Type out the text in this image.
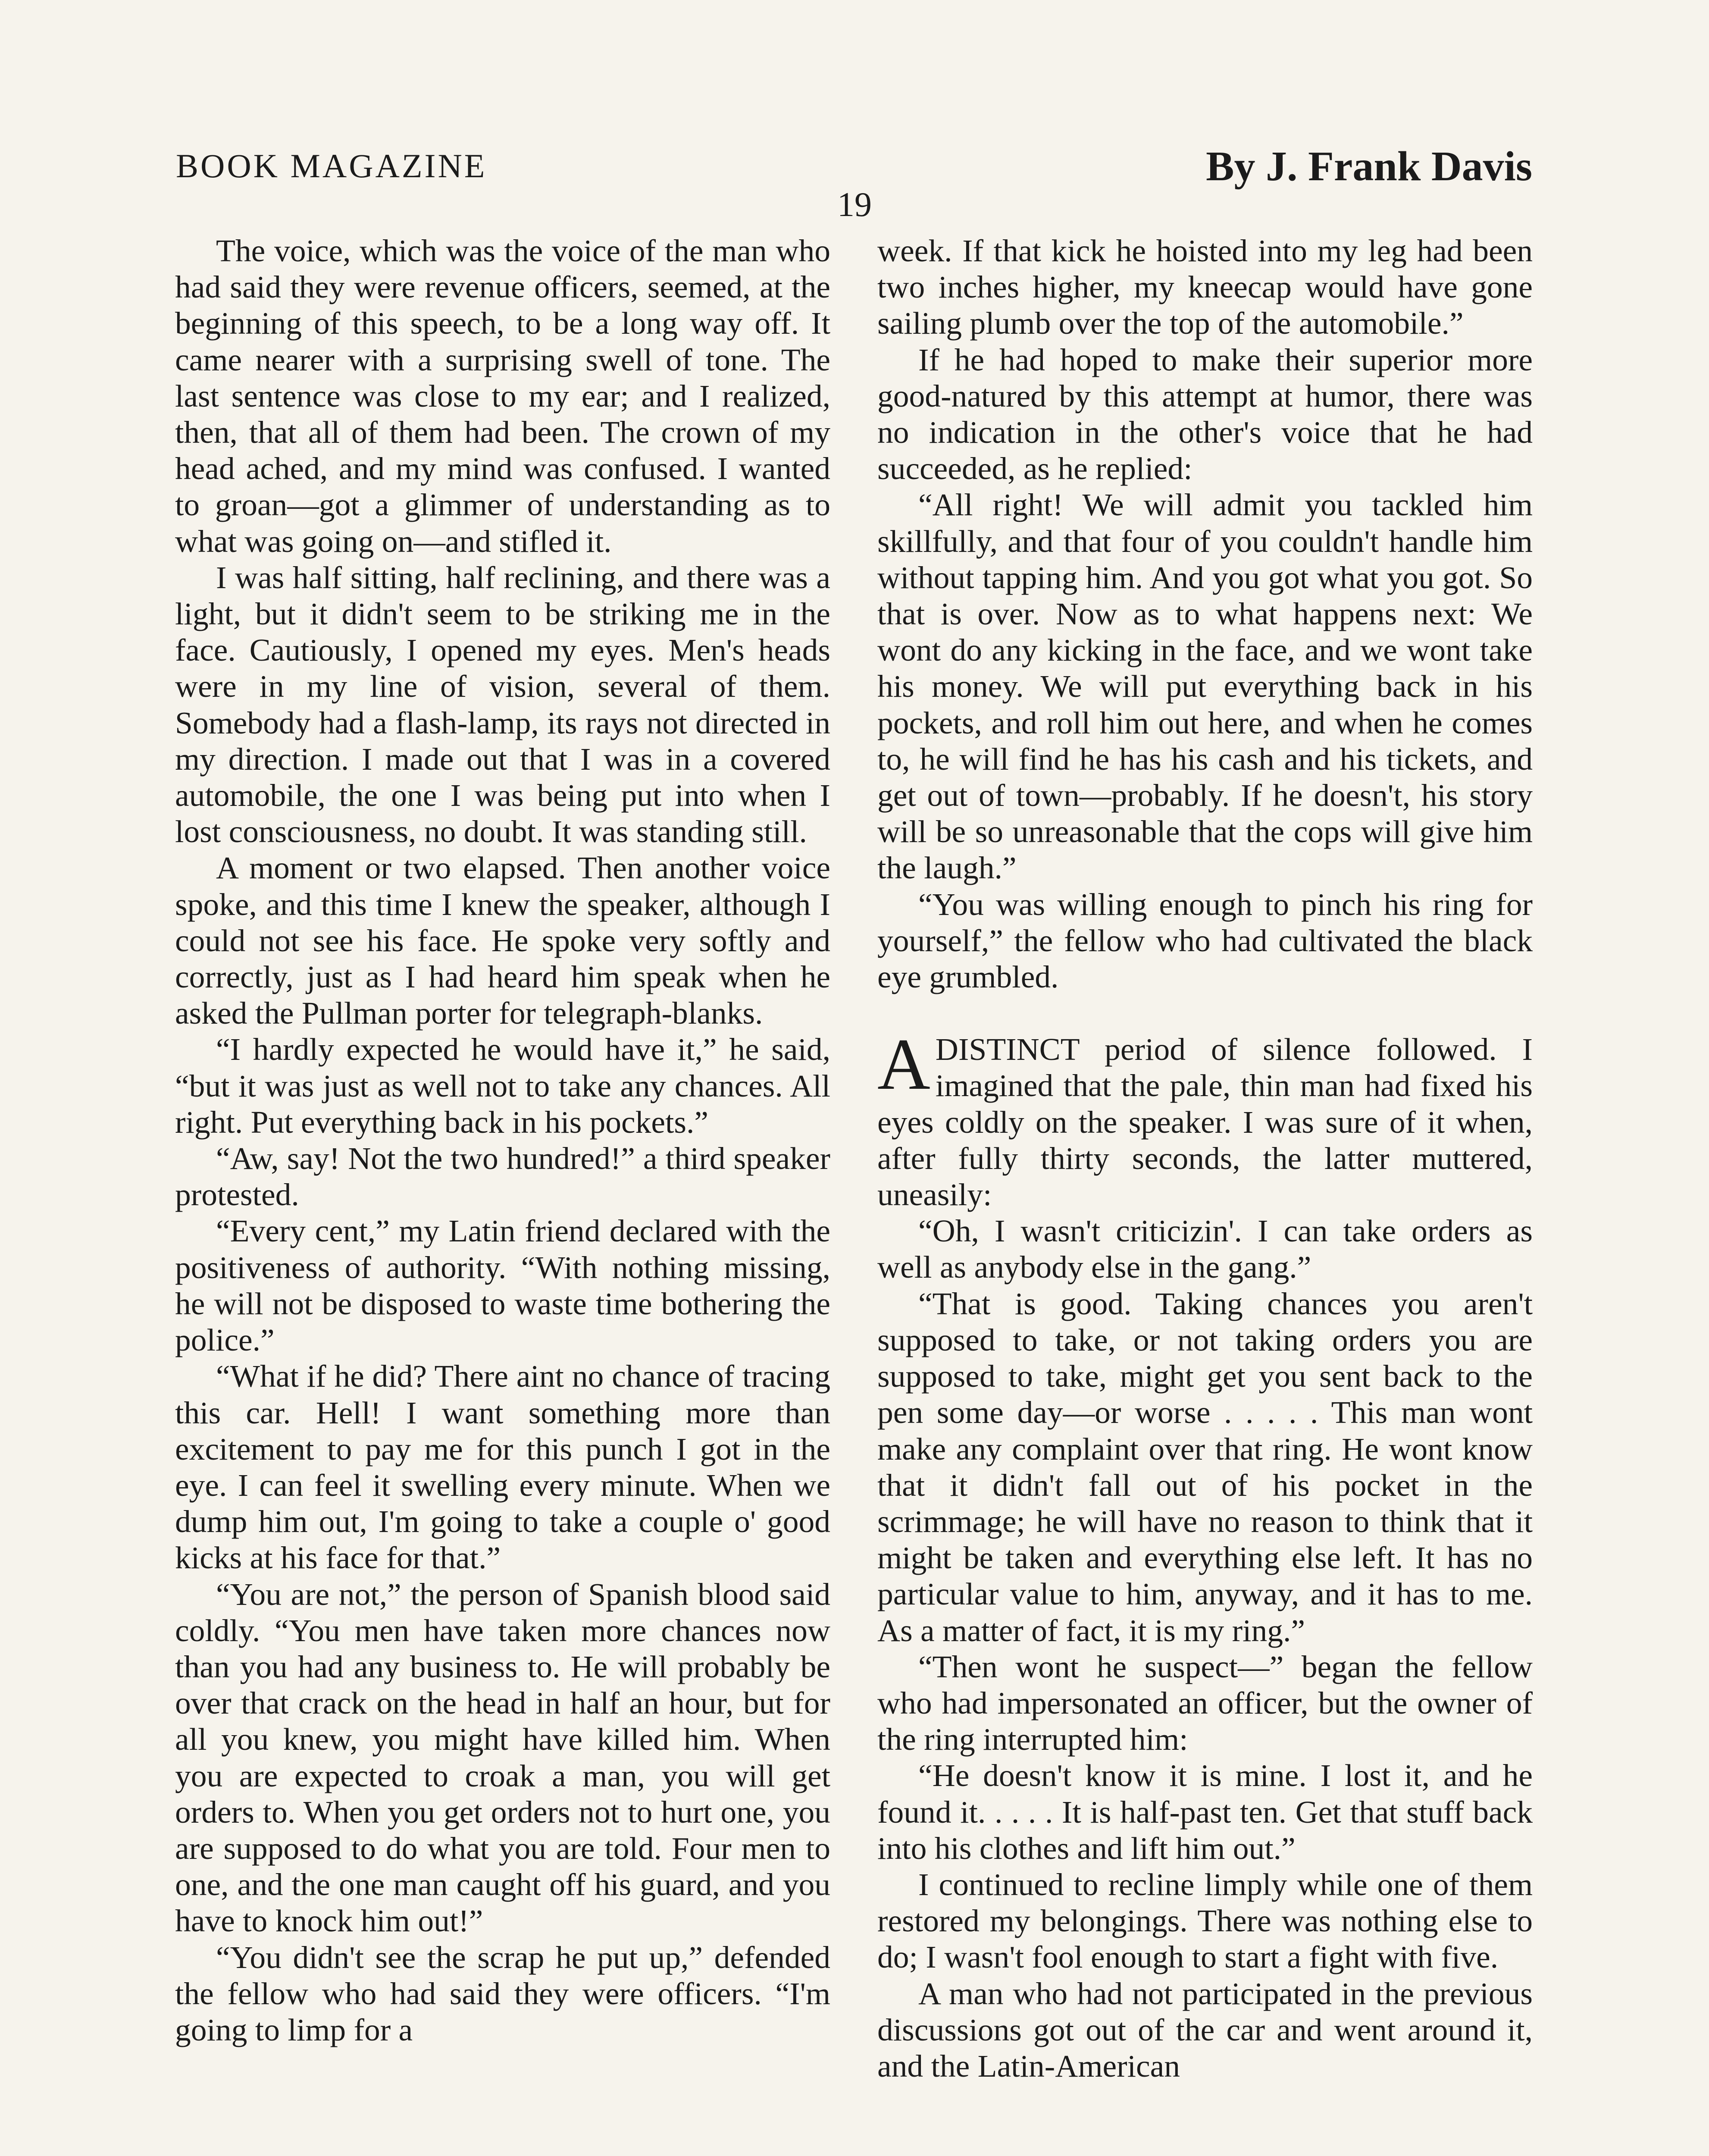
BOOK MAGAZINE	By J. Frank Davis
19

The voice, which was the voice of the man who had said they were revenue officers, seemed, at the beginning of this speech, to be a long way off. It came nearer with a surprising swell of tone. The last sentence was close to my ear; and I realized, then, that all of them had been. The crown of my head ached, and my mind was confused. I wanted to groan—got a glimmer of understanding as to what was going on—and stifled it.

I was half sitting, half reclining, and there was a light, but it didn't seem to be striking me in the face. Cautiously, I opened my eyes. Men's heads were in my line of vision, several of them. Somebody had a flash-lamp, its rays not directed in my direction. I made out that I was in a covered automobile, the one I was being put into when I lost consciousness, no doubt. It was standing still.

A moment or two elapsed. Then another voice spoke, and this time I knew the speaker, although I could not see his face. He spoke very softly and correctly, just as I had heard him speak when he asked the Pullman porter for telegraph-blanks.

“I hardly expected he would have it,” he said, “but it was just as well not to take any chances. All right. Put everything back in his pockets.”

“Aw, say! Not the two hundred!” a third speaker protested.

“Every cent,” my Latin friend declared with the positiveness of authority. “With nothing missing, he will not be disposed to waste time bothering the police.”

“What if he did? There aint no chance of tracing this car. Hell! I want something more than excitement to pay me for this punch I got in the eye. I can feel it swelling every minute. When we dump him out, I'm going to take a couple o' good kicks at his face for that.”

“You are not,” the person of Spanish blood said coldly. “You men have taken more chances now than you had any business to. He will probably be over that crack on the head in half an hour, but for all you knew, you might have killed him. When you are expected to croak a man, you will get orders to. When you get orders not to hurt one, you are supposed to do what you are told. Four men to one, and the one man caught off his guard, and you have to knock him out!”

“You didn't see the scrap he put up,” defended the fellow who had said they were officers. “I'm going to limp for a

week. If that kick he hoisted into my leg had been two inches higher, my kneecap would have gone sailing plumb over the top of the automobile.”

If he had hoped to make their superior more good-natured by this attempt at humor, there was no indication in the other's voice that he had succeeded, as he replied:

“All right! We will admit you tackled him skillfully, and that four of you couldn't handle him without tapping him. And you got what you got. So that is over. Now as to what happens next: We wont do any kicking in the face, and we wont take his money. We will put everything back in his pockets, and roll him out here, and when he comes to, he will find he has his cash and his tickets, and get out of town—probably. If he doesn't, his story will be so unreasonable that the cops will give him the laugh.”

“You was willing enough to pinch his ring for yourself,” the fellow who had cultivated the black eye grumbled.

ADISTINCT period of silence followed. I imagined that the pale, thin man had fixed his eyes coldly on the speaker. I was sure of it when, after fully thirty seconds, the latter muttered, uneasily:

“Oh, I wasn't criticizin'. I can take orders as well as anybody else in the gang.”

“That is good. Taking chances you aren't supposed to take, or not taking orders you are supposed to take, might get you sent back to the pen some day—or worse . . . . . This man wont make any complaint over that ring. He wont know that it didn't fall out of his pocket in the scrimmage; he will have no reason to think that it might be taken and everything else left. It has no particular value to him, anyway, and it has to me. As a matter of fact, it is my ring.”

“Then wont he suspect—” began the fellow who had impersonated an officer, but the owner of the ring interrupted him:

“He doesn't know it is mine. I lost it, and he found it. . . . . It is half-past ten. Get that stuff back into his clothes and lift him out.”

I continued to recline limply while one of them restored my belongings. There was nothing else to do; I wasn't fool enough to start a fight with five.

A man who had not participated in the previous discussions got out of the car and went around it, and the Latin-American
